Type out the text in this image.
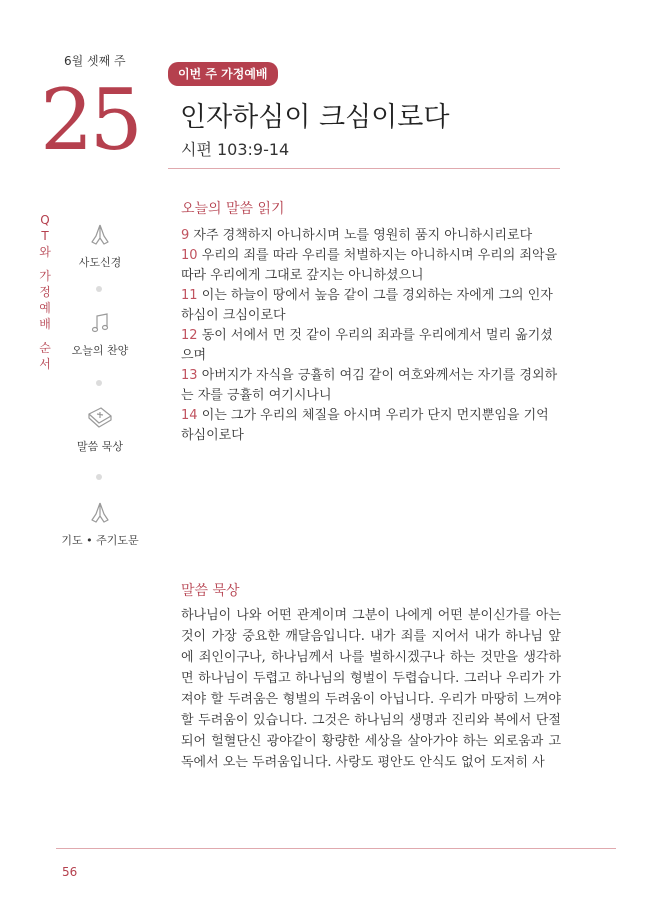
6월 셋째 주
25	이번 주 가정예배
인자하심이 크심이로다
시편 103:9-14
Q
T
와
가
정
예
배
순
서
사도신경
오늘의 찬양
말씀 묵상
기도 • 주기도문
오늘의 말씀 읽기

9 자주 경책하지 아니하시며 노를 영원히 품지 아니하시리로다

10 우리의 죄를 따라 우리를 처벌하지는 아니하시며 우리의 죄악을 따라 우리에게 그대로 갚지는 아니하셨으니

11 이는 하늘이 땅에서 높음 같이 그를 경외하는 자에게 그의 인자하심이 크심이로다

12 동이 서에서 먼 것 같이 우리의 죄과를 우리에게서 멀리 옮기셨으며

13 아버지가 자식을 긍휼히 여김 같이 여호와께서는 자기를 경외하는 자를 긍휼히 여기시나니

14 이는 그가 우리의 체질을 아시며 우리가 단지 먼지뿐임을 기억하심이로다

말씀 묵상

하나님이 나와 어떤 관계이며 그분이 나에게 어떤 분이신가를 아는 것이 가장 중요한 깨달음입니다. 내가 죄를 지어서 내가 하나님 앞에 죄인이구나, 하나님께서 나를 벌하시겠구나 하는 것만을 생각하면 하나님이 두렵고 하나님의 형벌이 두렵습니다. 그러나 우리가 가져야 할 두려움은 형벌의 두려움이 아닙니다. 우리가 마땅히 느껴야 할 두려움이 있습니다. 그것은 하나님의 생명과 진리와 복에서 단절되어 헐혈단신 광야같이 황량한 세상을 살아가야 하는 외로움과 고독에서 오는 두려움입니다. 사랑도 평안도 안식도 없어 도저히 사

56
